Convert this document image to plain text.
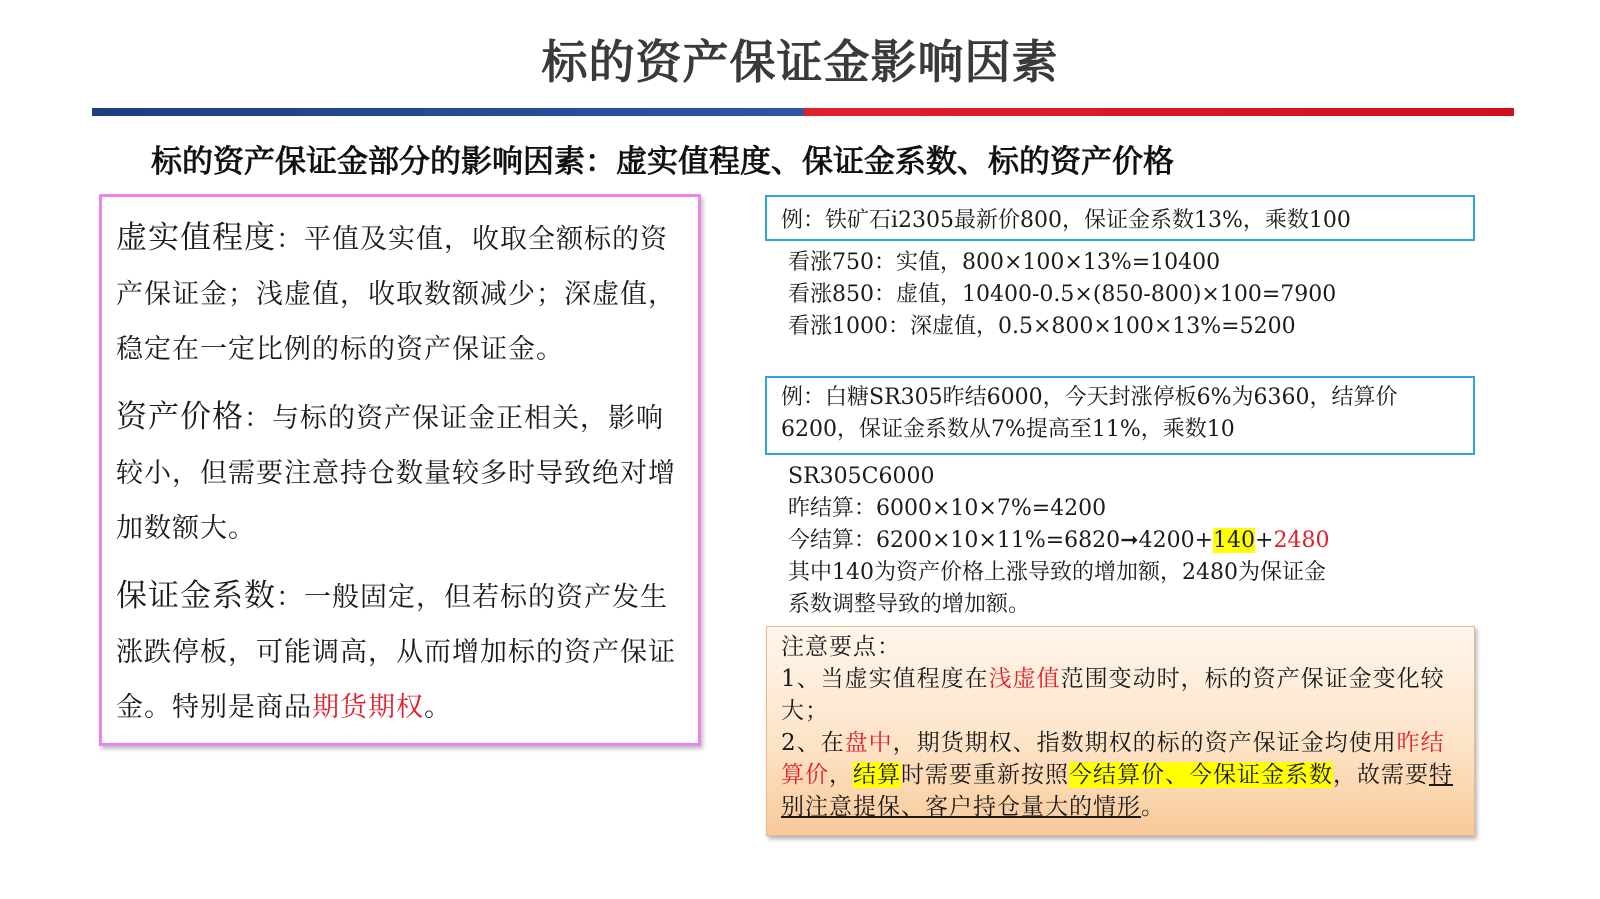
标的资产保证金影响因素
标的资产保证金部分的影响因素：虚实值程度、保证金系数、标的资产价格
虚实值程度：平值及实值，收取全额标的资产保证金；浅虚值，收取数额减少；深虚值，稳定在一定比例的标的资产保证金。
资产价格：与标的资产保证金正相关，影响较小，但需要注意持仓数量较多时导致绝对增加数额大。
保证金系数：一般固定，但若标的资产发生涨跌停板，可能调高，从而增加标的资产保证金。特别是商品期货期权。
例：铁矿石i2305最新价800，保证金系数13%，乘数100
看涨750：实值，800×100×13%=10400
看涨850：虚值，10400-0.5×(850-800)×100=7900
看涨1000：深虚值，0.5×800×100×13%=5200
例：白糖SR305昨结6000，今天封涨停板6%为6360，结算价
6200，保证金系数从7%提高至11%，乘数10
SR305C6000
昨结算：6000×10×7%=4200
今结算：6200×10×11%=6820➞4200+140+2480
其中140为资产价格上涨导致的增加额，2480为保证金
系数调整导致的增加额。
注意要点：
1、当虚实值程度在浅虚值范围变动时，标的资产保证金变化较大；
2、在盘中，期货期权、指数期权的标的资产保证金均使用昨结算价，结算时需要重新按照今结算价、今保证金系数，故需要特别注意提保、客户持仓量大的情形。
